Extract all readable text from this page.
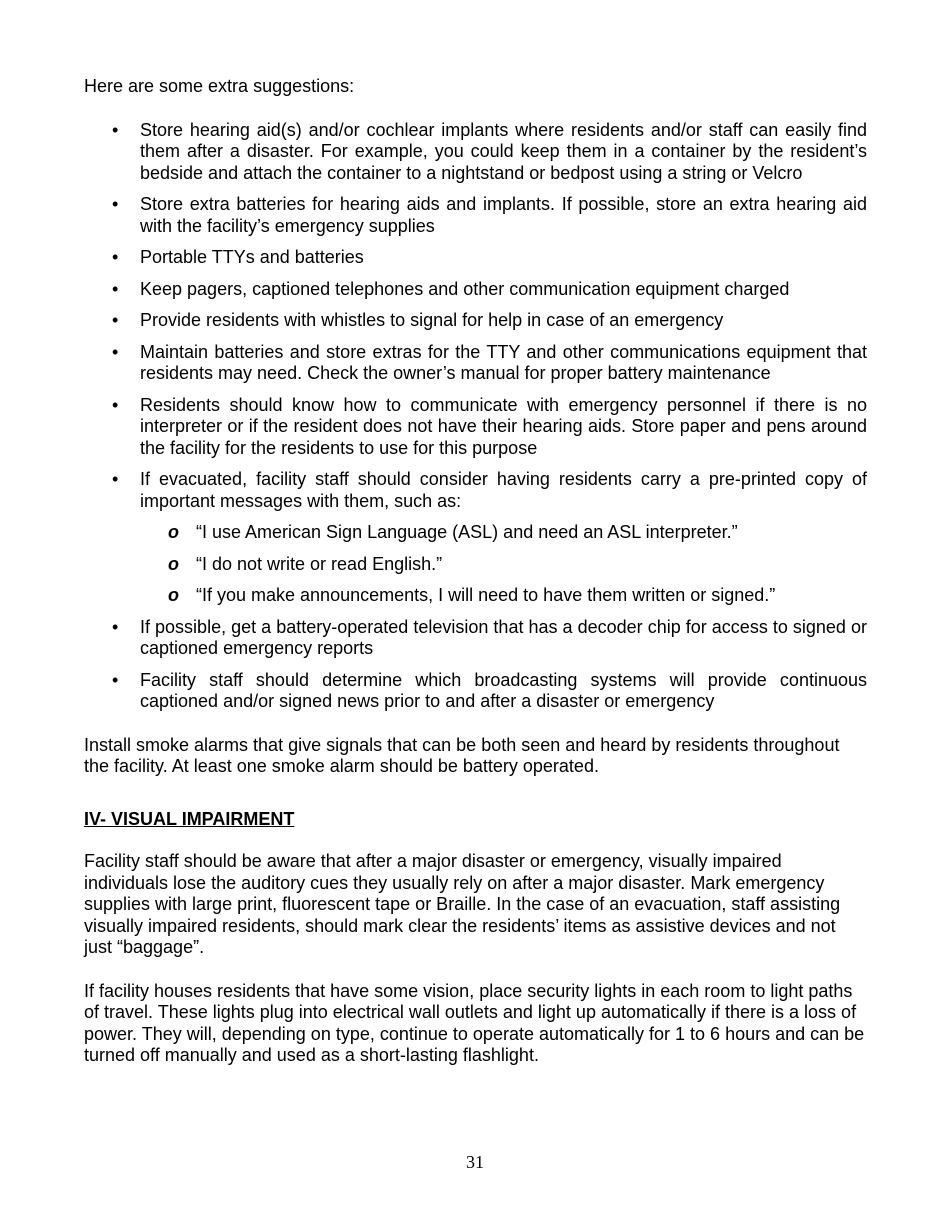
Here are some extra suggestions:

• Store hearing aid(s) and/or cochlear implants where residents and/or staff can easily find them after a disaster. For example, you could keep them in a container by the resident’s bedside and attach the container to a nightstand or bedpost using a string or Velcro
• Store extra batteries for hearing aids and implants. If possible, store an extra hearing aid with the facility’s emergency supplies
• Portable TTYs and batteries
• Keep pagers, captioned telephones and other communication equipment charged
• Provide residents with whistles to signal for help in case of an emergency
• Maintain batteries and store extras for the TTY and other communications equipment that residents may need. Check the owner’s manual for proper battery maintenance
• Residents should know how to communicate with emergency personnel if there is no interpreter or if the resident does not have their hearing aids. Store paper and pens around the facility for the residents to use for this purpose
• If evacuated, facility staff should consider having residents carry a pre-printed copy of important messages with them, such as:
o “I use American Sign Language (ASL) and need an ASL interpreter.”
o “I do not write or read English.”
o “If you make announcements, I will need to have them written or signed.”
• If possible, get a battery-operated television that has a decoder chip for access to signed or captioned emergency reports
• Facility staff should determine which broadcasting systems will provide continuous captioned and/or signed news prior to and after a disaster or emergency

Install smoke alarms that give signals that can be both seen and heard by residents throughout the facility. At least one smoke alarm should be battery operated.

IV- VISUAL IMPAIRMENT

Facility staff should be aware that after a major disaster or emergency, visually impaired individuals lose the auditory cues they usually rely on after a major disaster. Mark emergency supplies with large print, fluorescent tape or Braille. In the case of an evacuation, staff assisting visually impaired residents, should mark clear the residents’ items as assistive devices and not just “baggage”.

If facility houses residents that have some vision, place security lights in each room to light paths of travel. These lights plug into electrical wall outlets and light up automatically if there is a loss of power. They will, depending on type, continue to operate automatically for 1 to 6 hours and can be turned off manually and used as a short-lasting flashlight.

31
